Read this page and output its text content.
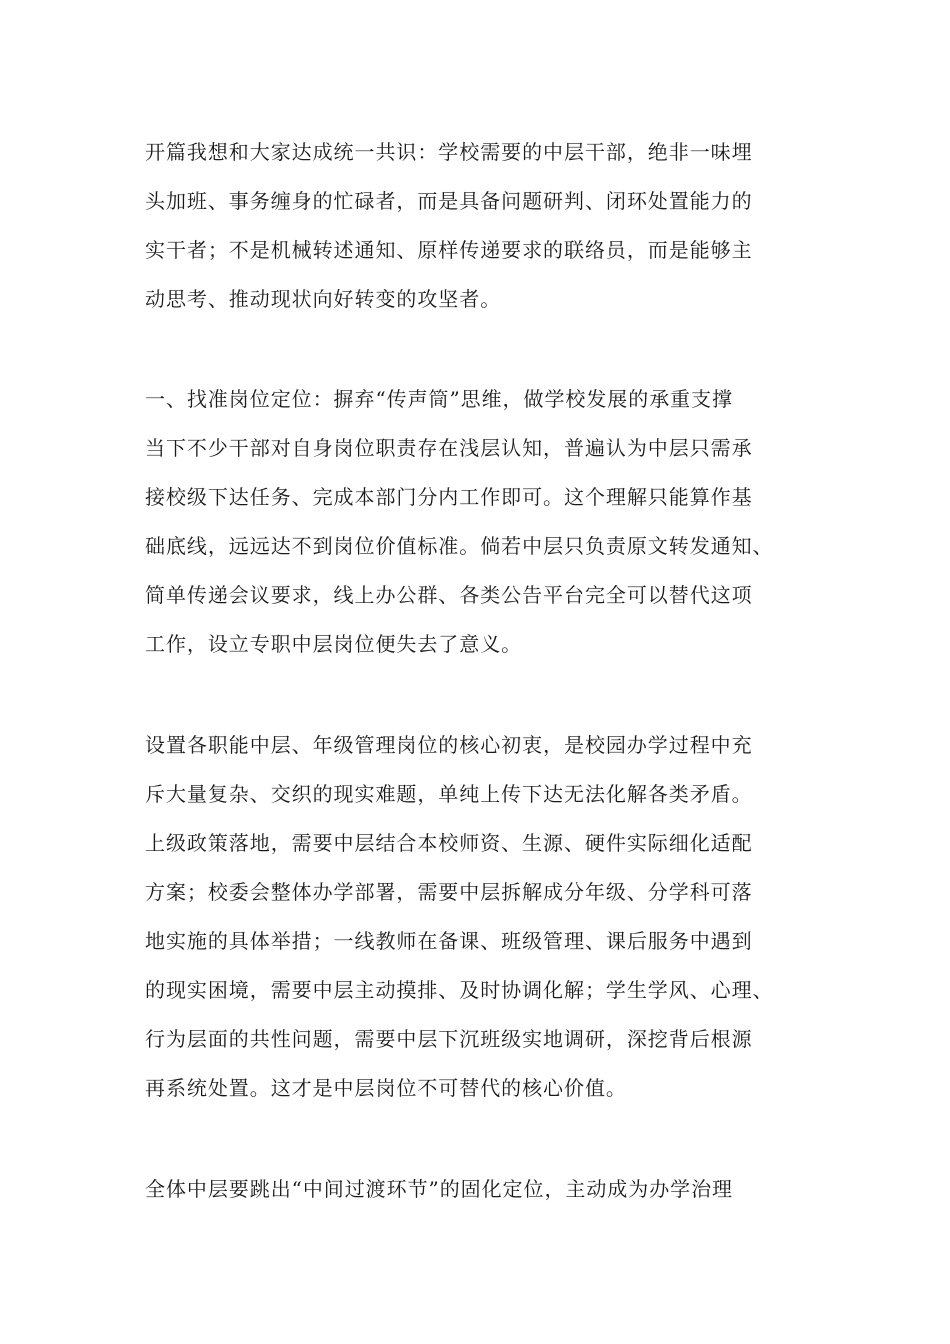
开篇我想和大家达成统一共识：学校需要的中层干部，绝非一味埋
头加班、事务缠身的忙碌者，而是具备问题研判、闭环处置能力的
实干者；不是机械转述通知、原样传递要求的联络员，而是能够主
动思考、推动现状向好转变的攻坚者。
一、找准岗位定位：摒弃“传声筒”思维，做学校发展的承重支撑
当下不少干部对自身岗位职责存在浅层认知，普遍认为中层只需承
接校级下达任务、完成本部门分内工作即可。这个理解只能算作基
础底线，远远达不到岗位价值标准。倘若中层只负责原文转发通知、
简单传递会议要求，线上办公群、各类公告平台完全可以替代这项
工作，设立专职中层岗位便失去了意义。
设置各职能中层、年级管理岗位的核心初衷，是校园办学过程中充
斥大量复杂、交织的现实难题，单纯上传下达无法化解各类矛盾。
上级政策落地，需要中层结合本校师资、生源、硬件实际细化适配
方案；校委会整体办学部署，需要中层拆解成分年级、分学科可落
地实施的具体举措；一线教师在备课、班级管理、课后服务中遇到
的现实困境，需要中层主动摸排、及时协调化解；学生学风、心理、
行为层面的共性问题，需要中层下沉班级实地调研，深挖背后根源
再系统处置。这才是中层岗位不可替代的核心价值。
全体中层要跳出“中间过渡环节”的固化定位，主动成为办学治理
